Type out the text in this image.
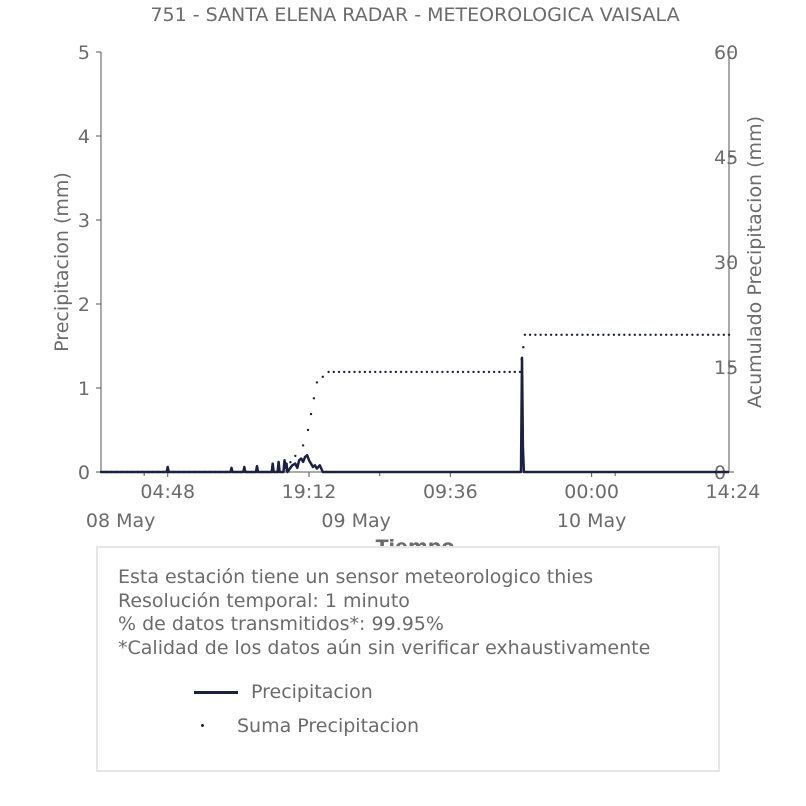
751 - SANTA ELENA RADAR - METEOROLOGICA VAISALA
Precipitacion (mm)	Acumulado Precipitacion (mm)
0
1
2
3
4
5
0
15
30
45
60
04:48	19:12	09:36	00:00	14:24
08 May	09 May	10 May
Esta estación tiene un sensor meteorologico thies
Resolución temporal: 1 minuto
% de datos transmitidos*: 99.95%
*Calidad de los datos aún sin verificar exhaustivamente
Precipitacion
Suma Precipitacion
